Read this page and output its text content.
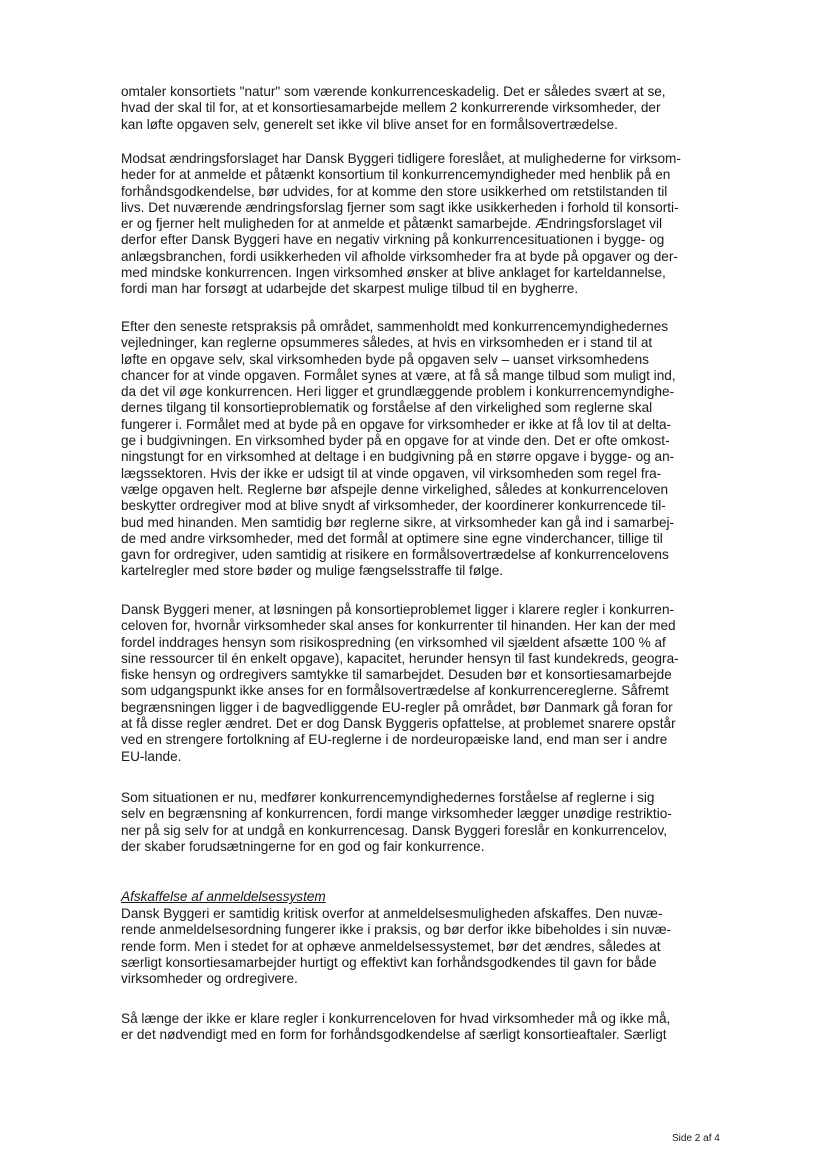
omtaler konsortiets "natur" som værende konkurrenceskadelig. Det er således svært at se,
hvad der skal til for, at et konsortiesamarbejde mellem 2 konkurrerende virksomheder, der
kan løfte opgaven selv, generelt set ikke vil blive anset for en formålsovertrædelse.

Modsat ændringsforslaget har Dansk Byggeri tidligere foreslået, at mulighederne for virksom-
heder for at anmelde et påtænkt konsortium til konkurrencemyndigheder med henblik på en
forhåndsgodkendelse, bør udvides, for at komme den store usikkerhed om retstilstanden til
livs. Det nuværende ændringsforslag fjerner som sagt ikke usikkerheden i forhold til konsorti-
er og fjerner helt muligheden for at anmelde et påtænkt samarbejde. Ændringsforslaget vil
derfor efter Dansk Byggeri have en negativ virkning på konkurrencesituationen i bygge- og
anlægsbranchen, fordi usikkerheden vil afholde virksomheder fra at byde på opgaver og der-
med mindske konkurrencen. Ingen virksomhed ønsker at blive anklaget for karteldannelse,
fordi man har forsøgt at udarbejde det skarpest mulige tilbud til en bygherre.

Efter den seneste retspraksis på området, sammenholdt med konkurrencemyndighedernes
vejledninger, kan reglerne opsummeres således, at hvis en virksomheden er i stand til at
løfte en opgave selv, skal virksomheden byde på opgaven selv – uanset virksomhedens
chancer for at vinde opgaven. Formålet synes at være, at få så mange tilbud som muligt ind,
da det vil øge konkurrencen. Heri ligger et grundlæggende problem i konkurrencemyndighe-
dernes tilgang til konsortieproblematik og forståelse af den virkelighed som reglerne skal
fungerer i. Formålet med at byde på en opgave for virksomheder er ikke at få lov til at delta-
ge i budgivningen. En virksomhed byder på en opgave for at vinde den. Det er ofte omkost-
ningstungt for en virksomhed at deltage i en budgivning på en større opgave i bygge- og an-
lægssektoren. Hvis der ikke er udsigt til at vinde opgaven, vil virksomheden som regel fra-
vælge opgaven helt. Reglerne bør afspejle denne virkelighed, således at konkurrenceloven
beskytter ordregiver mod at blive snydt af virksomheder, der koordinerer konkurrencede til-
bud med hinanden. Men samtidig bør reglerne sikre, at virksomheder kan gå ind i samarbej-
de med andre virksomheder, med det formål at optimere sine egne vinderchancer, tillige til
gavn for ordregiver, uden samtidig at risikere en formålsovertrædelse af konkurrencelovens
kartelregler med store bøder og mulige fængselsstraffe til følge.

Dansk Byggeri mener, at løsningen på konsortieproblemet ligger i klarere regler i konkurren-
celoven for, hvornår virksomheder skal anses for konkurrenter til hinanden. Her kan der med
fordel inddrages hensyn som risikospredning (en virksomhed vil sjældent afsætte 100 % af
sine ressourcer til én enkelt opgave), kapacitet, herunder hensyn til fast kundekreds, geogra-
fiske hensyn og ordregivers samtykke til samarbejdet. Desuden bør et konsortiesamarbejde
som udgangspunkt ikke anses for en formålsovertrædelse af konkurrencereglerne. Såfremt
begrænsningen ligger i de bagvedliggende EU-regler på området, bør Danmark gå foran for
at få disse regler ændret. Det er dog Dansk Byggeris opfattelse, at problemet snarere opstår
ved en strengere fortolkning af EU-reglerne i de nordeuropæiske land, end man ser i andre
EU-lande.

Som situationen er nu, medfører konkurrencemyndighedernes forståelse af reglerne i sig
selv en begrænsning af konkurrencen, fordi mange virksomheder lægger unødige restriktio-
ner på sig selv for at undgå en konkurrencesag. Dansk Byggeri foreslår en konkurrencelov,
der skaber forudsætningerne for en god og fair konkurrence.

Afskaffelse af anmeldelsessystem

Dansk Byggeri er samtidig kritisk overfor at anmeldelsesmuligheden afskaffes. Den nuvæ-
rende anmeldelsesordning fungerer ikke i praksis, og bør derfor ikke bibeholdes i sin nuvæ-
rende form. Men i stedet for at ophæve anmeldelsessystemet, bør det ændres, således at
særligt konsortiesamarbejder hurtigt og effektivt kan forhåndsgodkendes til gavn for både
virksomheder og ordregivere.

Så længe der ikke er klare regler i konkurrenceloven for hvad virksomheder må og ikke må,
er det nødvendigt med en form for forhåndsgodkendelse af særligt konsortieaftaler. Særligt

Side 2 af 4
